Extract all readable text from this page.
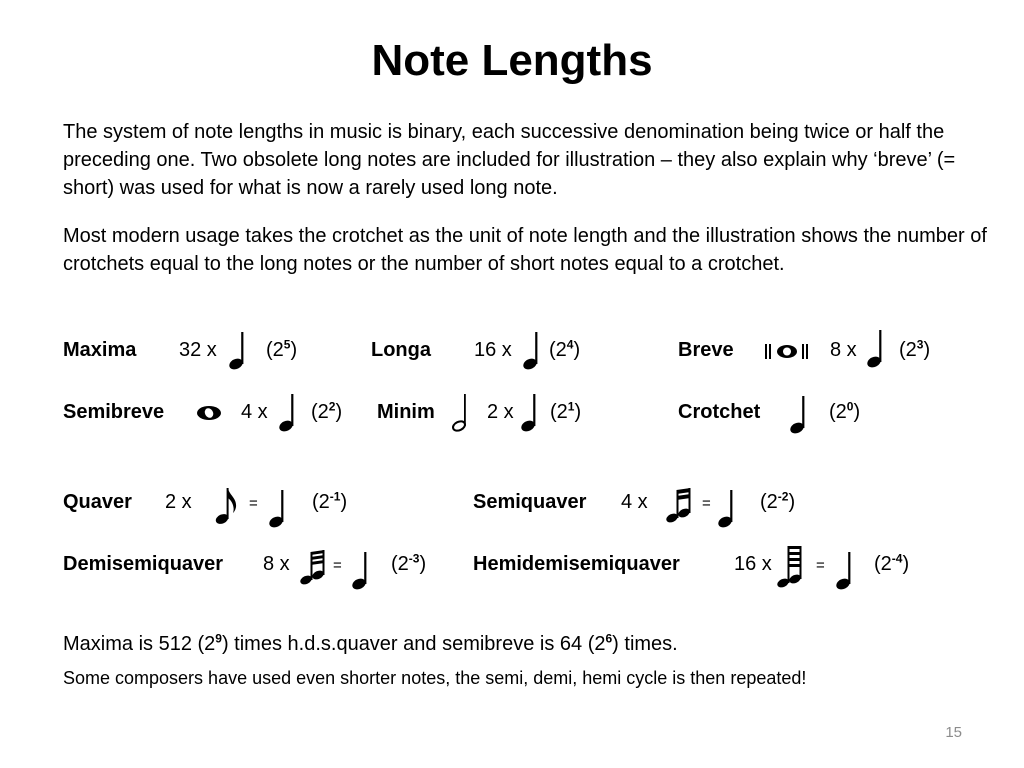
Note Lengths

The system of note lengths in music is binary, each successive denomination being twice or half the preceding one. Two obsolete long notes are included for illustration – they also explain why ‘breve’ (= short) was used for what is now a rarely used long note.

Most modern usage takes the crotchet as the unit of note length and the illustration shows the number of crotchets equal to the long notes or the number of short notes equal to a crotchet.

Maxima 32 x $(2^5)$	Longa 16 x $(2^4)$	Breve	8 x $(2^3)$
Semibreve	4 x $(2^2)$ Minim	2 x $(2^1)$	Crotchet	$(2^0)$
Quaver 2 x	=	$(2^{-1})$	Semiquaver 4 x	= $(2^{-2})$
Demisemiquaver 8 x	= $(2^{-3})$ Hemidemisemiquaver	16 x	= $(2^{-4})$

Maxima is 512 $(2^9)$ times h.d.s.quaver and semibreve is 64 $(2^6)$ times.

Some composers have used even shorter notes, the semi, demi, hemi cycle is then repeated!

15
